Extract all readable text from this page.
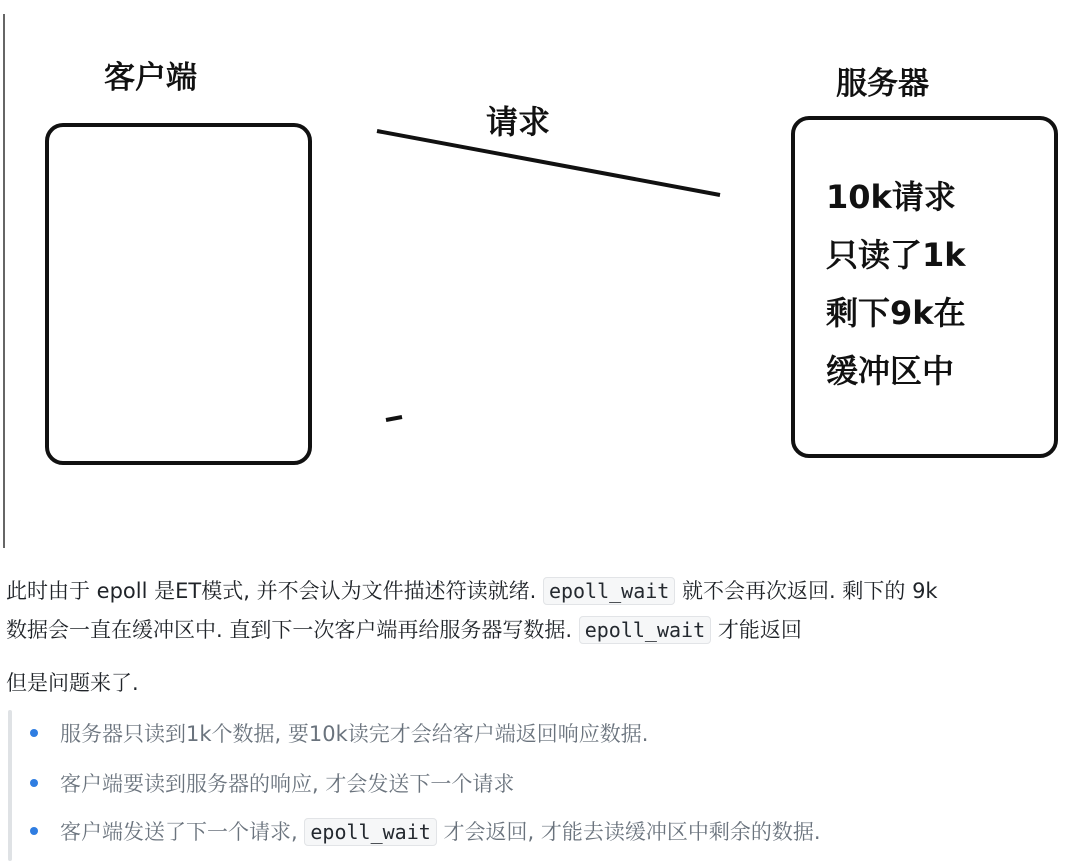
客户端	服务器
请求
10k请求
只读了1k
剩下9k在
缓冲区中
此时由于 epoll 是ET模式, 并不会认为文件描述符读就绪. epoll_wait 就不会再次返回. 剩下的 9k
数据会一直在缓冲区中. 直到下一次客户端再给服务器写数据. epoll_wait 才能返回
但是问题来了.
服务器只读到1k个数据, 要10k读完才会给客户端返回响应数据.
客户端要读到服务器的响应, 才会发送下一个请求
客户端发送了下一个请求, epoll_wait 才会返回, 才能去读缓冲区中剩余的数据.
